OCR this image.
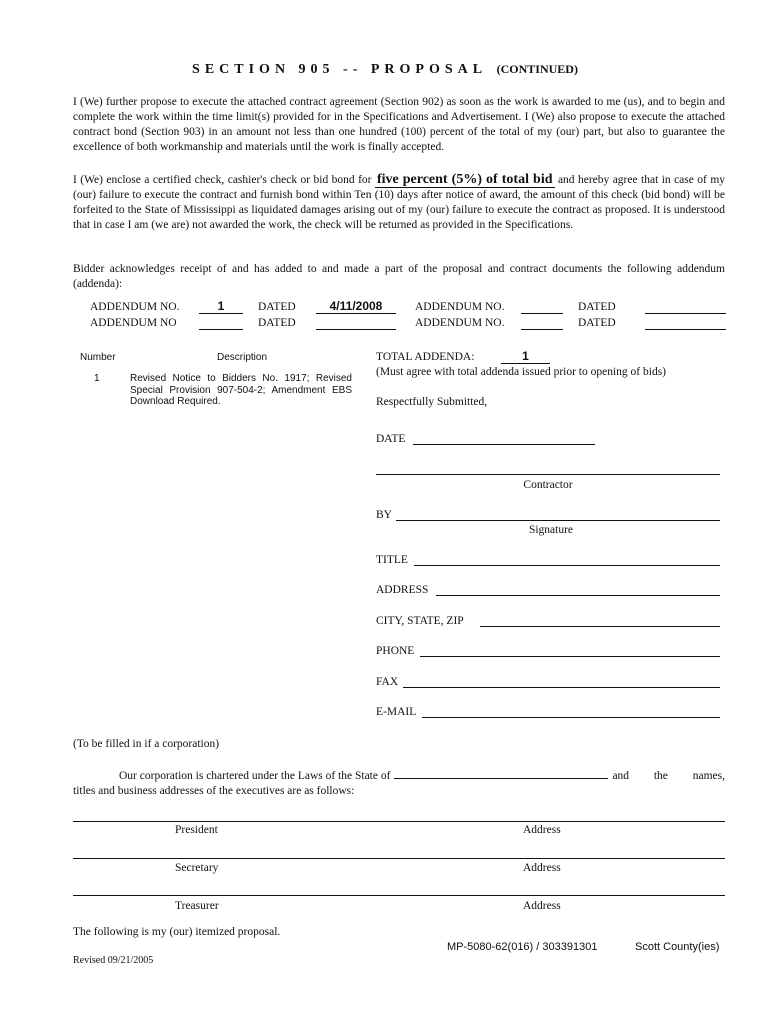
SECTION 905 -- PROPOSAL (CONTINUED)
I (We) further propose to execute the attached contract agreement (Section 902) as soon as the work is awarded to me (us), and to begin and complete the work within the time limit(s) provided for in the Specifications and Advertisement. I (We) also propose to execute the attached contract bond (Section 903) in an amount not less than one hundred (100) percent of the total of my (our) part, but also to guarantee the excellence of both workmanship and materials until the work is finally accepted.
I (We) enclose a certified check, cashier's check or bid bond for five percent (5%) of total bid and hereby agree that in case of my (our) failure to execute the contract and furnish bond within Ten (10) days after notice of award, the amount of this check (bid bond) will be forfeited to the State of Mississippi as liquidated damages arising out of my (our) failure to execute the contract as proposed. It is understood that in case I am (we are) not awarded the work, the check will be returned as provided in the Specifications.
Bidder acknowledges receipt of and has added to and made a part of the proposal and contract documents the following addendum (addenda):
ADDENDUM NO.	1	DATED	4/11/2008	ADDENDUM NO.	DATED
ADDENDUM NO	DATED	ADDENDUM NO.	DATED
Number	Description
1	Revised Notice to Bidders No. 1917; Revised Special Provision 907-504-2; Amendment EBS Download Required.
TOTAL ADDENDA:	1
(Must agree with total addenda issued prior to opening of bids)
Respectfully Submitted,
DATE
Contractor
BY
Signature
TITLE
ADDRESS
CITY, STATE, ZIP
PHONE
FAX
E-MAIL
(To be filled in if a corporation)
Our corporation is chartered under the Laws of the State of	and the names,
titles and business addresses of the executives are as follows:
President	Address
Secretary	Address
Treasurer	Address
The following is my (our) itemized proposal.
MP-5080-62(016) / 303391301	Scott County(ies)
Revised 09/21/2005
